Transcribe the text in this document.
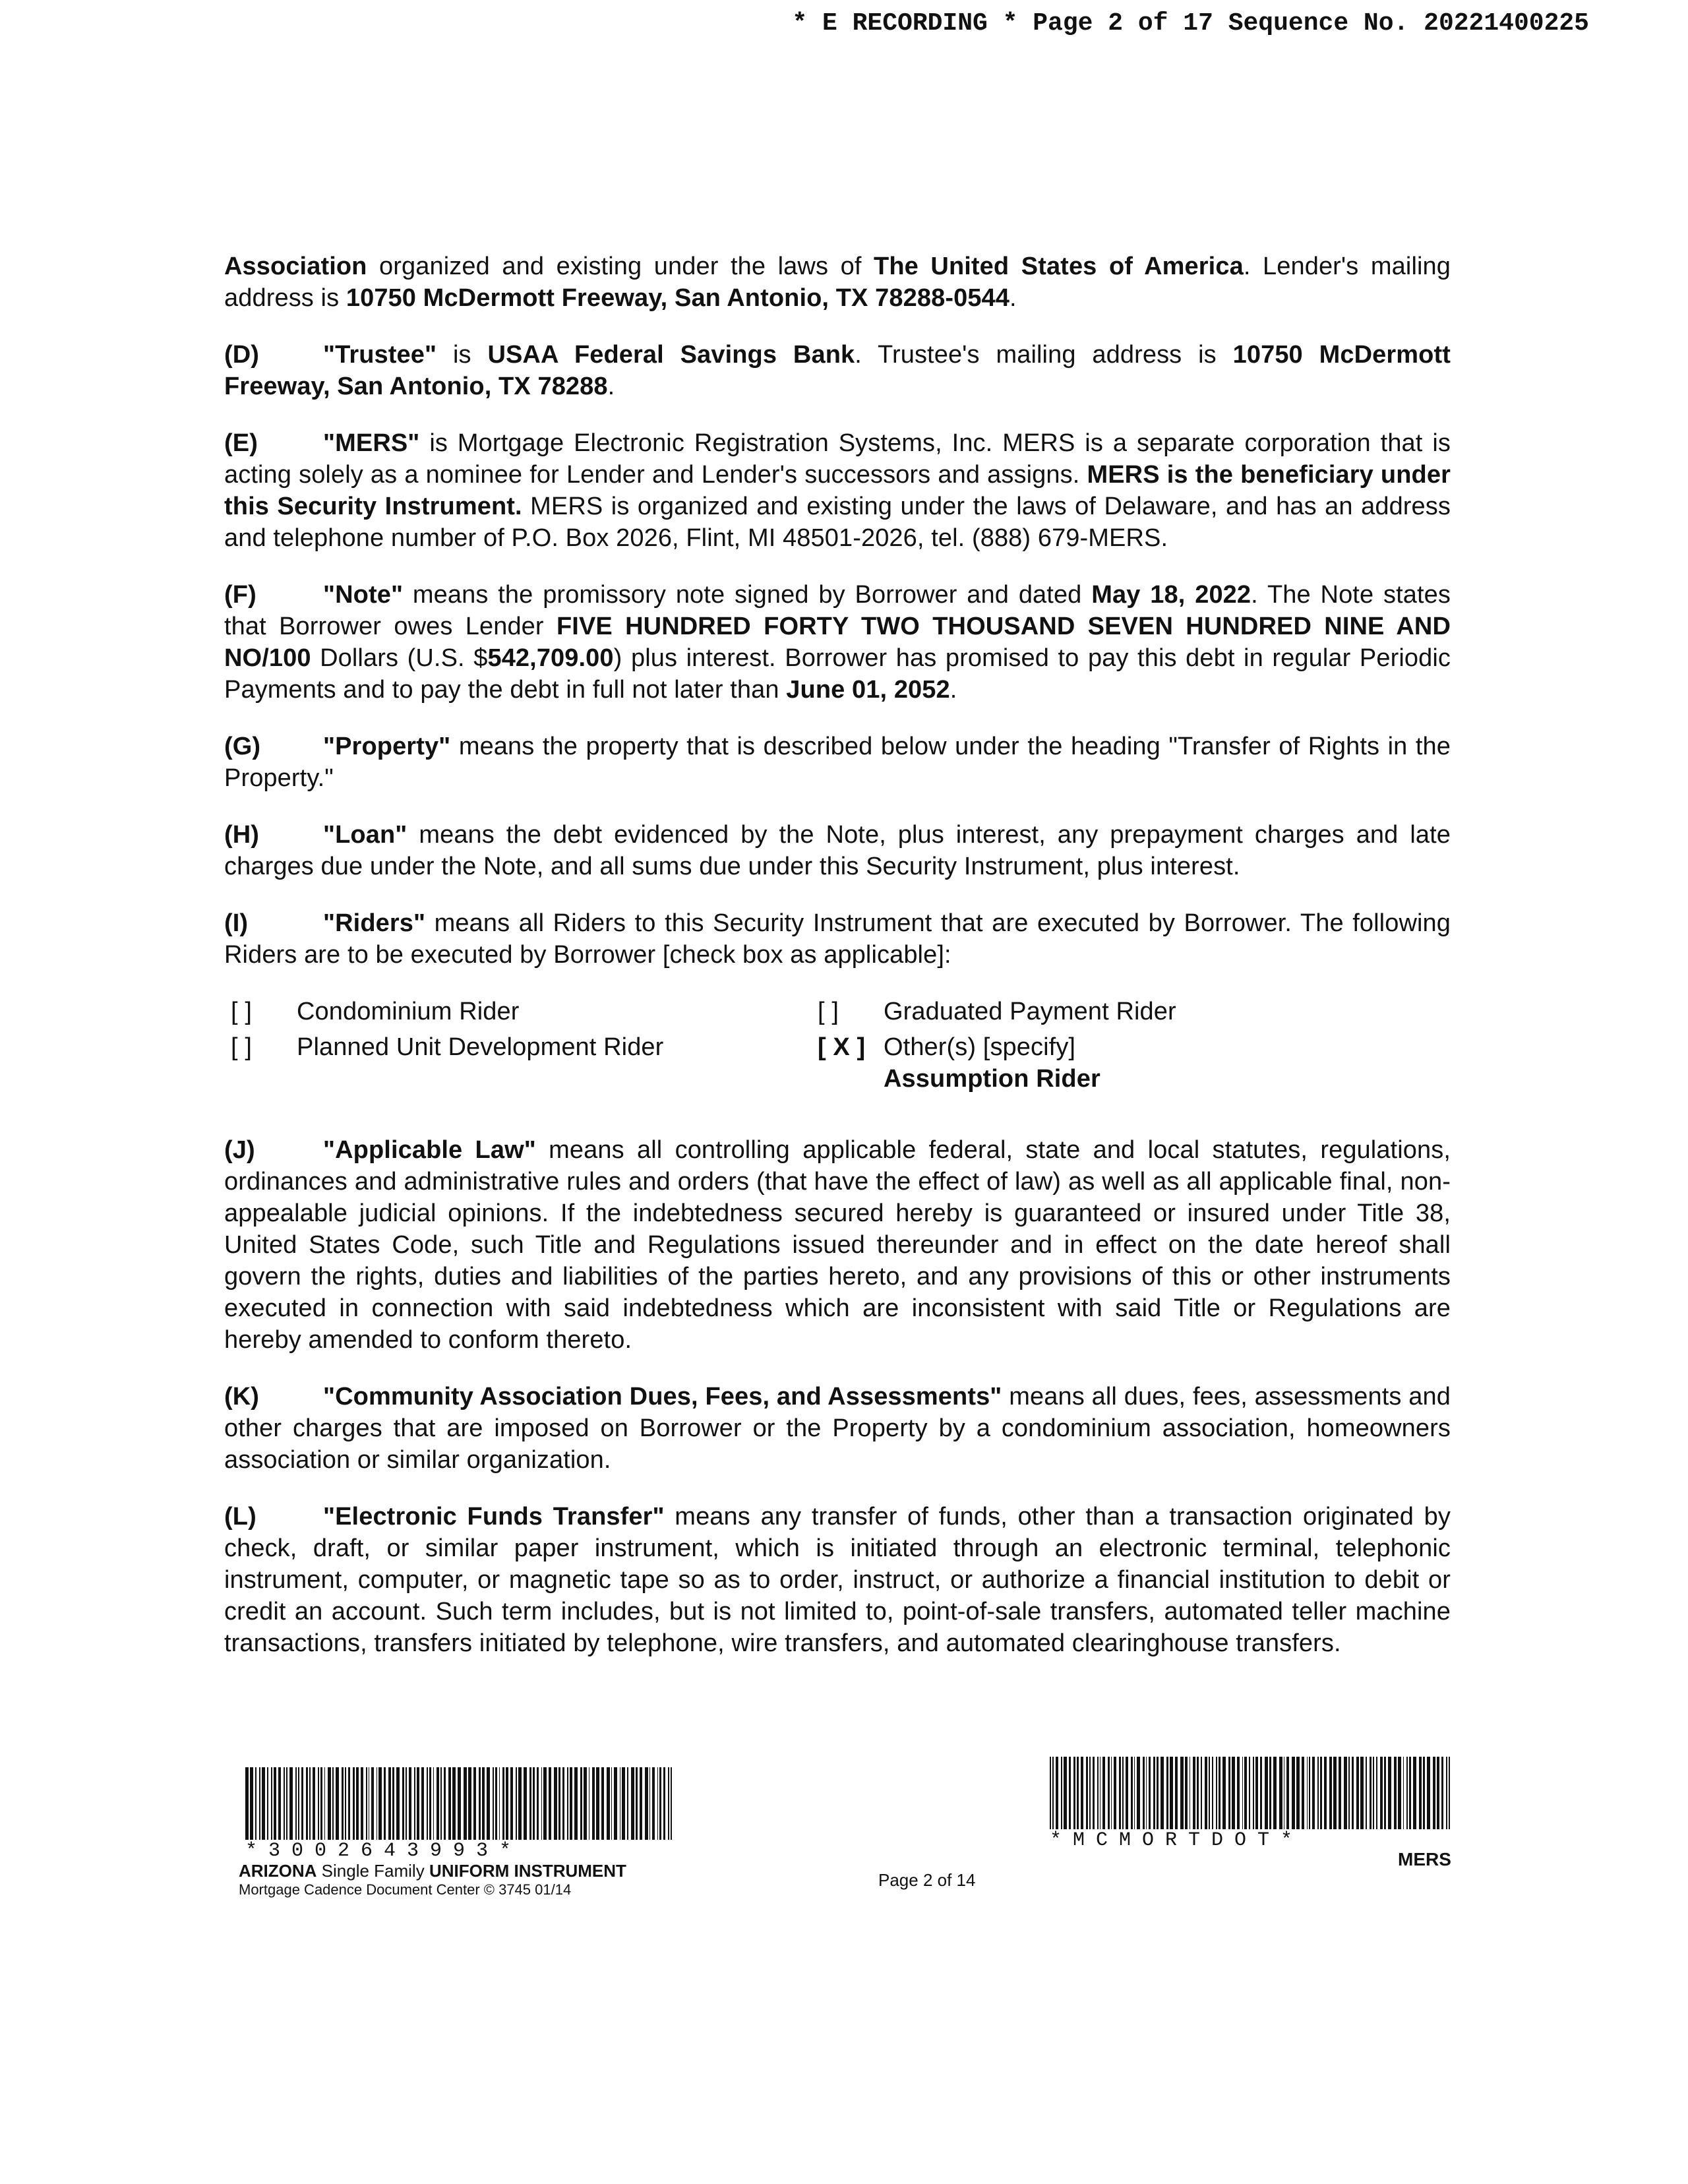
* E RECORDING * Page 2 of 17 Sequence No. 20221400225

Association organized and existing under the laws of The United States of America. Lender's mailing address is 10750 McDermott Freeway, San Antonio, TX 78288-0544.

(D)	"Trustee" is USAA Federal Savings Bank. Trustee's mailing address is 10750 McDermott Freeway, San Antonio, TX 78288.

(E)	"MERS" is Mortgage Electronic Registration Systems, Inc. MERS is a separate corporation that is acting solely as a nominee for Lender and Lender's successors and assigns. MERS is the beneficiary under this Security Instrument. MERS is organized and existing under the laws of Delaware, and has an address and telephone number of P.O. Box 2026, Flint, MI 48501-2026, tel. (888) 679-MERS.

(F)	"Note" means the promissory note signed by Borrower and dated May 18, 2022. The Note states that Borrower owes Lender FIVE HUNDRED FORTY TWO THOUSAND SEVEN HUNDRED NINE AND NO/100 Dollars (U.S. $542,709.00) plus interest. Borrower has promised to pay this debt in regular Periodic Payments and to pay the debt in full not later than June 01, 2052.

(G) "Property" means the property that is described below under the heading "Transfer of Rights in the Property."

(H)	"Loan" means the debt evidenced by the Note, plus interest, any prepayment charges and late charges due under the Note, and all sums due under this Security Instrument, plus interest.

(I)	"Riders" means all Riders to this Security Instrument that are executed by Borrower. The following Riders are to be executed by Borrower [check box as applicable]:

[ ]	Condominium Rider	[ ]	Graduated Payment Rider
[ ]	Planned Unit Development Rider	[ X ] Other(s) [specify]
Assumption Rider

(J)	"Applicable Law" means all controlling applicable federal, state and local statutes, regulations, ordinances and administrative rules and orders (that have the effect of law) as well as all applicable final, non-appealable judicial opinions. If the indebtedness secured hereby is guaranteed or insured under Title 38, United States Code, such Title and Regulations issued thereunder and in effect on the date hereof shall govern the rights, duties and liabilities of the parties hereto, and any provisions of this or other instruments executed in connection with said indebtedness which are inconsistent with said Title or Regulations are hereby amended to conform thereto.

(K)	"Community Association Dues, Fees, and Assessments" means all dues, fees, assessments and other charges that are imposed on Borrower or the Property by a condominium association, homeowners association or similar organization.

(L)	"Electronic Funds Transfer" means any transfer of funds, other than a transaction originated by check, draft, or similar paper instrument, which is initiated through an electronic terminal, telephonic instrument, computer, or magnetic tape so as to order, instruct, or authorize a financial institution to debit or credit an account. Such term includes, but is not limited to, point-of-sale transfers, automated teller machine transactions, transfers initiated by telephone, wire transfers, and automated clearinghouse transfers.

*3002643993*	*MCMORTDOT*
ARIZONA Single Family UNIFORM INSTRUMENT
Mortgage Cadence Document Center © 3745 01/14	Page 2 of 14
MERS
